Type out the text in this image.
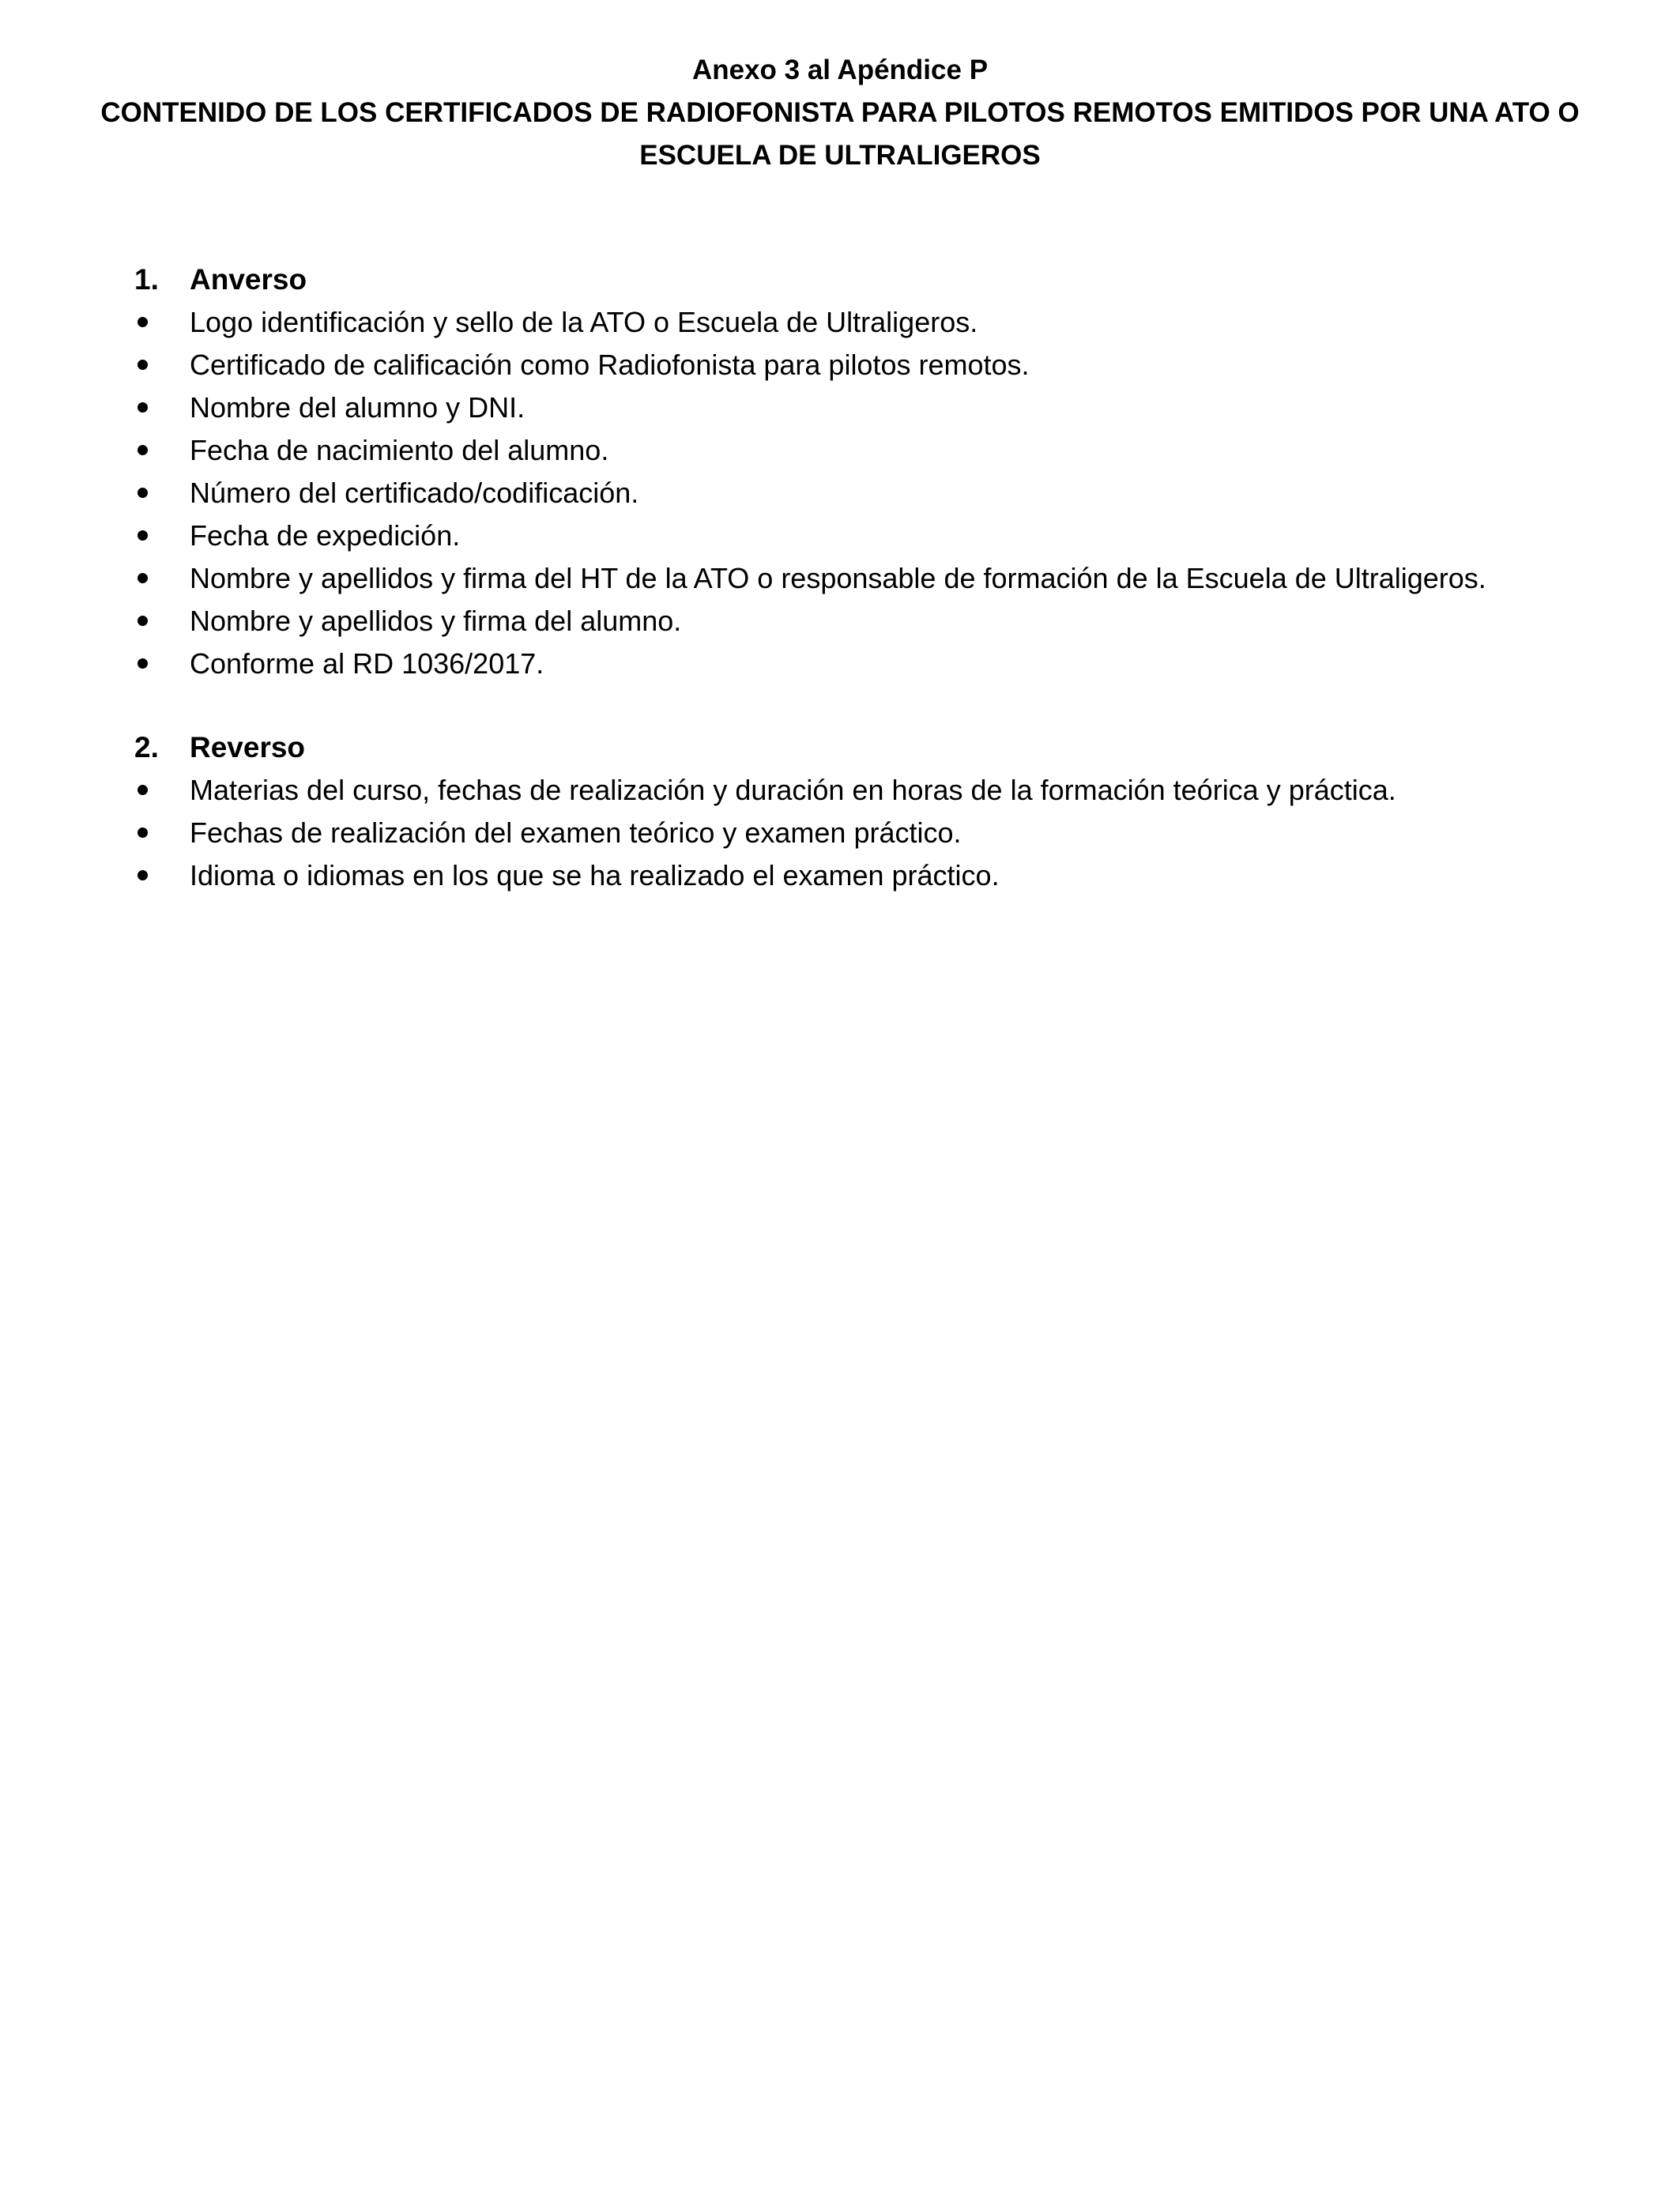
Anexo 3 al Apéndice P
CONTENIDO DE LOS CERTIFICADOS DE RADIOFONISTA PARA PILOTOS REMOTOS EMITIDOS POR UNA ATO O
ESCUELA DE ULTRALIGEROS
1. Anverso
Logo identificación y sello de la ATO o Escuela de Ultraligeros.
Certificado de calificación como Radiofonista para pilotos remotos.
Nombre del alumno y DNI.
Fecha de nacimiento del alumno.
Número del certificado/codificación.
Fecha de expedición.
Nombre y apellidos y firma del HT de la ATO o responsable de formación de la Escuela de Ultraligeros.
Nombre y apellidos y firma del alumno.
Conforme al RD 1036/2017.
2. Reverso
Materias del curso, fechas de realización y duración en horas de la formación teórica y práctica.
Fechas de realización del examen teórico y examen práctico.
Idioma o idiomas en los que se ha realizado el examen práctico.
